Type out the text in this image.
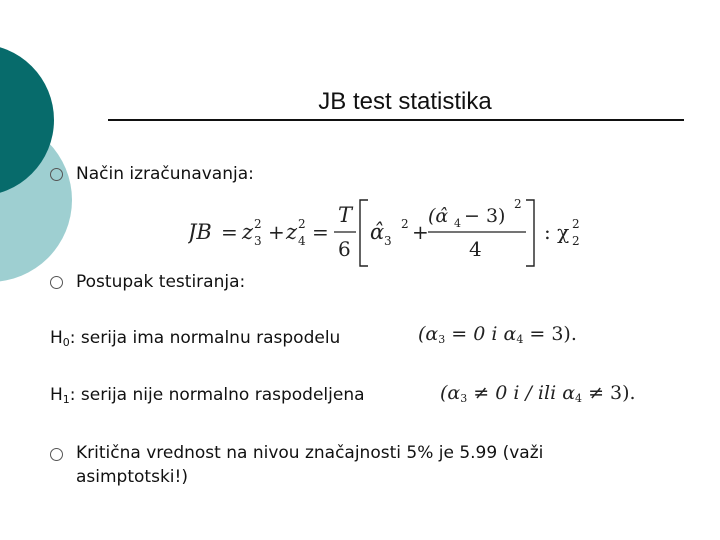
JB test statistika
Način izračunavanja:
JB = z 3
2 + z 4
2 =
T
6
α̂ 3
2 +
(α̂ 4 − 3)
2
4
: χ 2
2
Postupak testiranja:
$H_0$: serija ima normalnu raspodelu	($\alpha_3 = 0$ i $\alpha_4 = 3$).
$H_1$: serija nije normalno raspodeljena	($\alpha_3 \ne 0$ i / ili $\alpha_4 \ne 3$).
Kritična vrednost na nivou značajnosti 5% je 5.99 (važi
asimptotski!)
